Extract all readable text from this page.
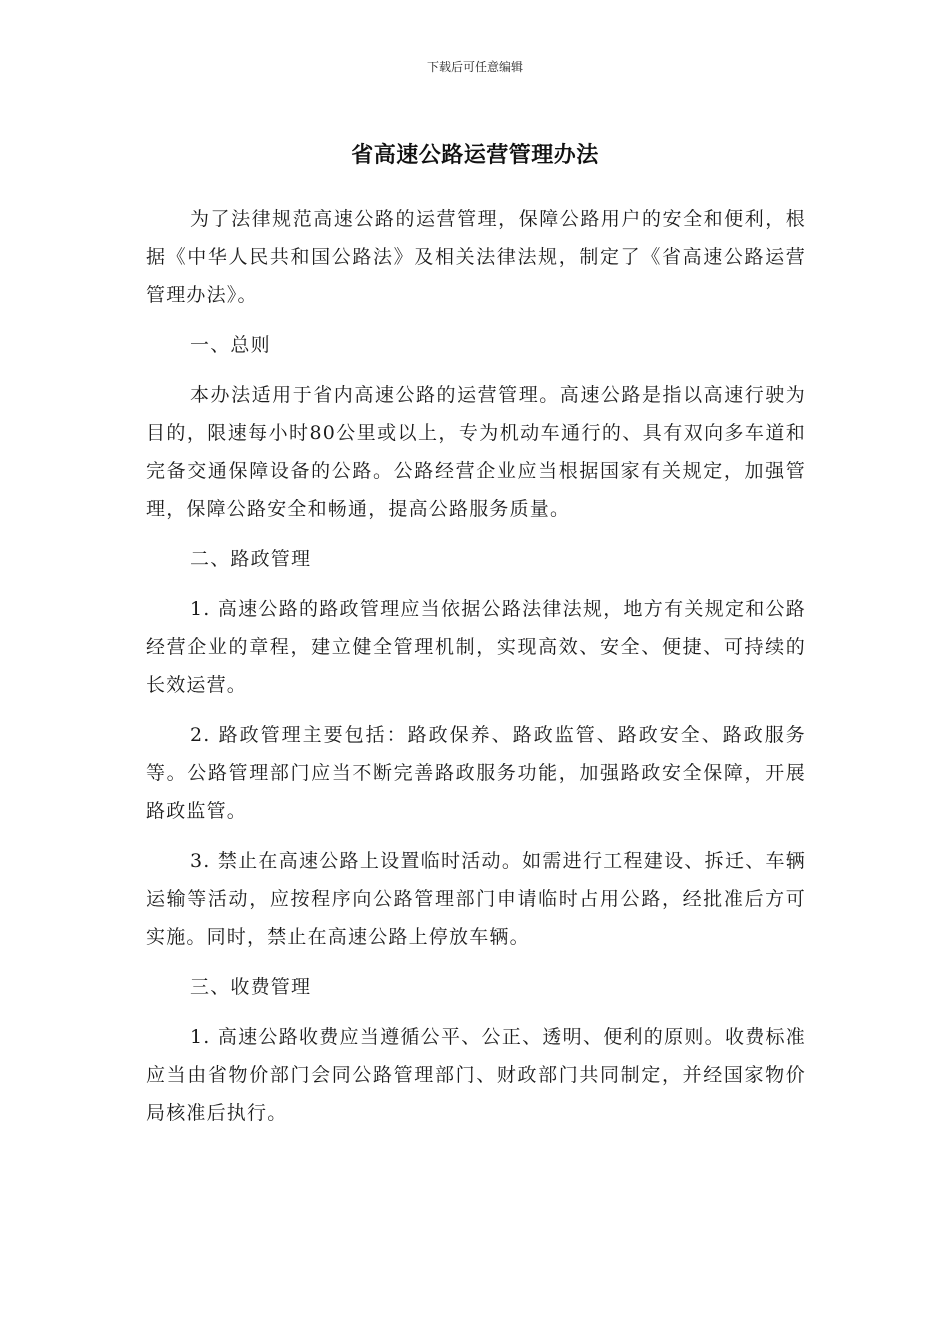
下载后可任意编辑
省高速公路运营管理办法

为了法律规范高速公路的运营管理，保障公路用户的安全和便利，根据《中华人民共和国公路法》及相关法律法规，制定了《省高速公路运营管理办法》。

一、总则

本办法适用于省内高速公路的运营管理。高速公路是指以高速行驶为目的，限速每小时80公里或以上，专为机动车通行的、具有双向多车道和完备交通保障设备的公路。公路经营企业应当根据国家有关规定，加强管理，保障公路安全和畅通，提高公路服务质量。

二、路政管理

1. 高速公路的路政管理应当依据公路法律法规，地方有关规定和公路经营企业的章程，建立健全管理机制，实现高效、安全、便捷、可持续的长效运营。

2. 路政管理主要包括：路政保养、路政监管、路政安全、路政服务等。公路管理部门应当不断完善路政服务功能，加强路政安全保障，开展路政监管。

3. 禁止在高速公路上设置临时活动。如需进行工程建设、拆迁、车辆运输等活动，应按程序向公路管理部门申请临时占用公路，经批准后方可实施。同时，禁止在高速公路上停放车辆。

三、收费管理

1. 高速公路收费应当遵循公平、公正、透明、便利的原则。收费标准应当由省物价部门会同公路管理部门、财政部门共同制定，并经国家物价局核准后执行。
